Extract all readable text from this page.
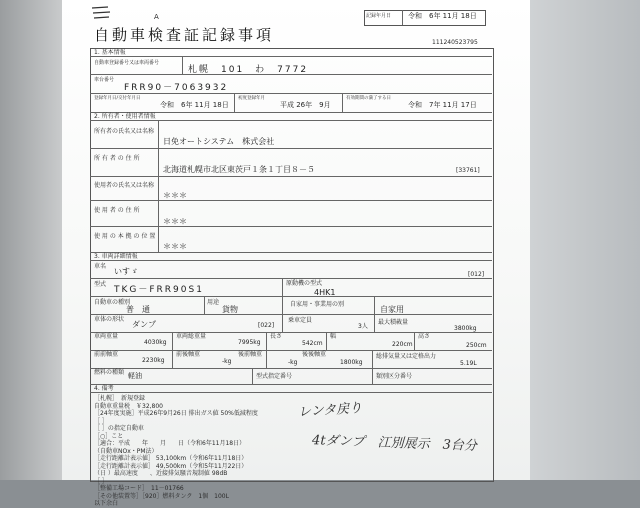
A
自動車検査証記録事項
記録年月日 令和　6年 11月 18日
111240523795
1. 基本情報
自動車登録番号又は車両番号
札幌　101　わ　7772
車台番号
FRR90－7063932
登録年月日/交付年月日
令和　6年 11月 18日
初度登録年月
平成 26年　9月
有効期間の満了する日
令和　7年 11月 17日
2. 所有者・使用者情報
所有者の氏名又は名称
日免オートシステム　株式会社
所 有 者 の 住 所
北海道札幌市北区東茨戸１条１丁目８－５	[33761]
使用者の氏名又は名称
＊＊＊
使 用 者 の 住 所
＊＊＊
使 用 の 本 拠 の 位 置
＊＊＊
3. 車両詳細情報
車名
いすゞ	[012]
型式
TKG－FRR90S1
原動機の型式
4HK1
自動車の種別
普　通
用途
貨物
自家用・事業用の別
自家用
車体の形状
ダンプ	[022]
乗車定員
3人
最大積載量
3800kg
車両重量
4030kg
車両総重量
7995kg
長さ
542cm
幅
220cm
高さ
250cm
前前軸重
2230kg
前後軸重
-kg
後前軸重
-kg
後後軸重
1800kg
総排気量又は定格出力
5.19L
燃料の種類 軽油	型式指定番号	類別区分番号
4. 備考
［札幌］　新規登録
自動車重量税　￥32,800
［24年度実施］平成26年9月26日 排出ガス値 50%低減程度
［ ］
［ ］の指定自動車
［○］こと
［適合：平成　　年　　月　　日（令和6年11月18日）
（自動車NOx・PM法）
［走行距離計表示値］ 53,100km（令和6年11月18日）
［走行距離計表示値］ 49,500km（令和5年11月22日）
（日 ）最高速度　　、近接排気騒音規制値 98dB
［ ］
［整備工場コード］　11－01766
［その他装置等］［920］燃料タンク　1個　100L
以下余白
レンタ戻り
4tダンプ　江別展示　3台分
